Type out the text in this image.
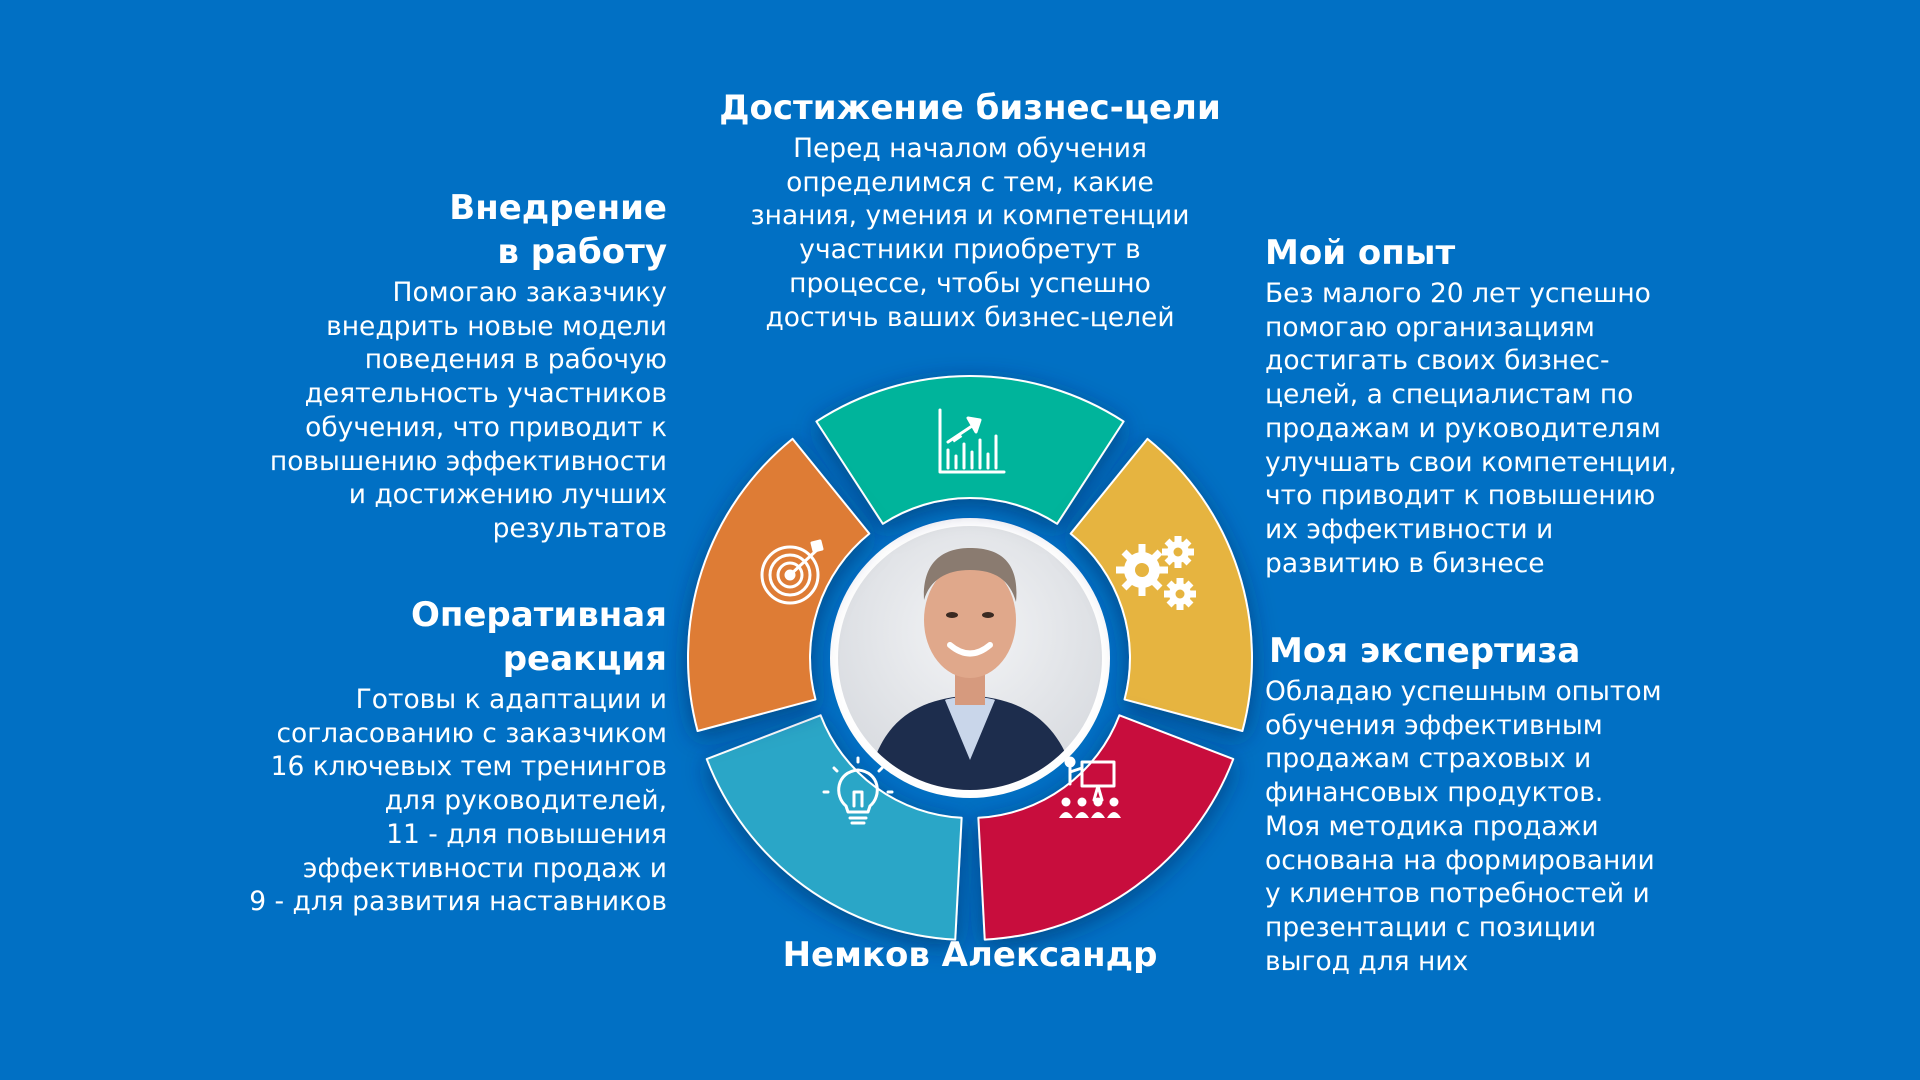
Достижение бизнес-цели
Перед началом обучения
определимся с тем, какие
знания, умения и компетенции
участники приобретут в
процессе, чтобы успешно
достичь ваших бизнес-целей
Внедрение
в работу
Помогаю заказчику
внедрить новые модели
поведения в рабочую
деятельность участников
обучения, что приводит к
повышению эффективности
и достижению лучших
результатов
Мой опыт
Без малого 20 лет успешно
помогаю организациям
достигать своих бизнес-
целей, а специалистам по
продажам и руководителям
улучшать свои компетенции,
что приводит к повышению
их эффективности и
развитию в бизнесе
Оперативная
реакция
Готовы к адаптации и
согласованию с заказчиком
16 ключевых тем тренингов
для руководителей,
11 - для повышения
эффективности продаж и
9 - для развития наставников
Моя экспертиза
Обладаю успешным опытом
обучения эффективным
продажам страховых и
финансовых продуктов.
Моя методика продажи
основана на формировании
у клиентов потребностей и
презентации с позиции
выгод для них
Немков Александр
